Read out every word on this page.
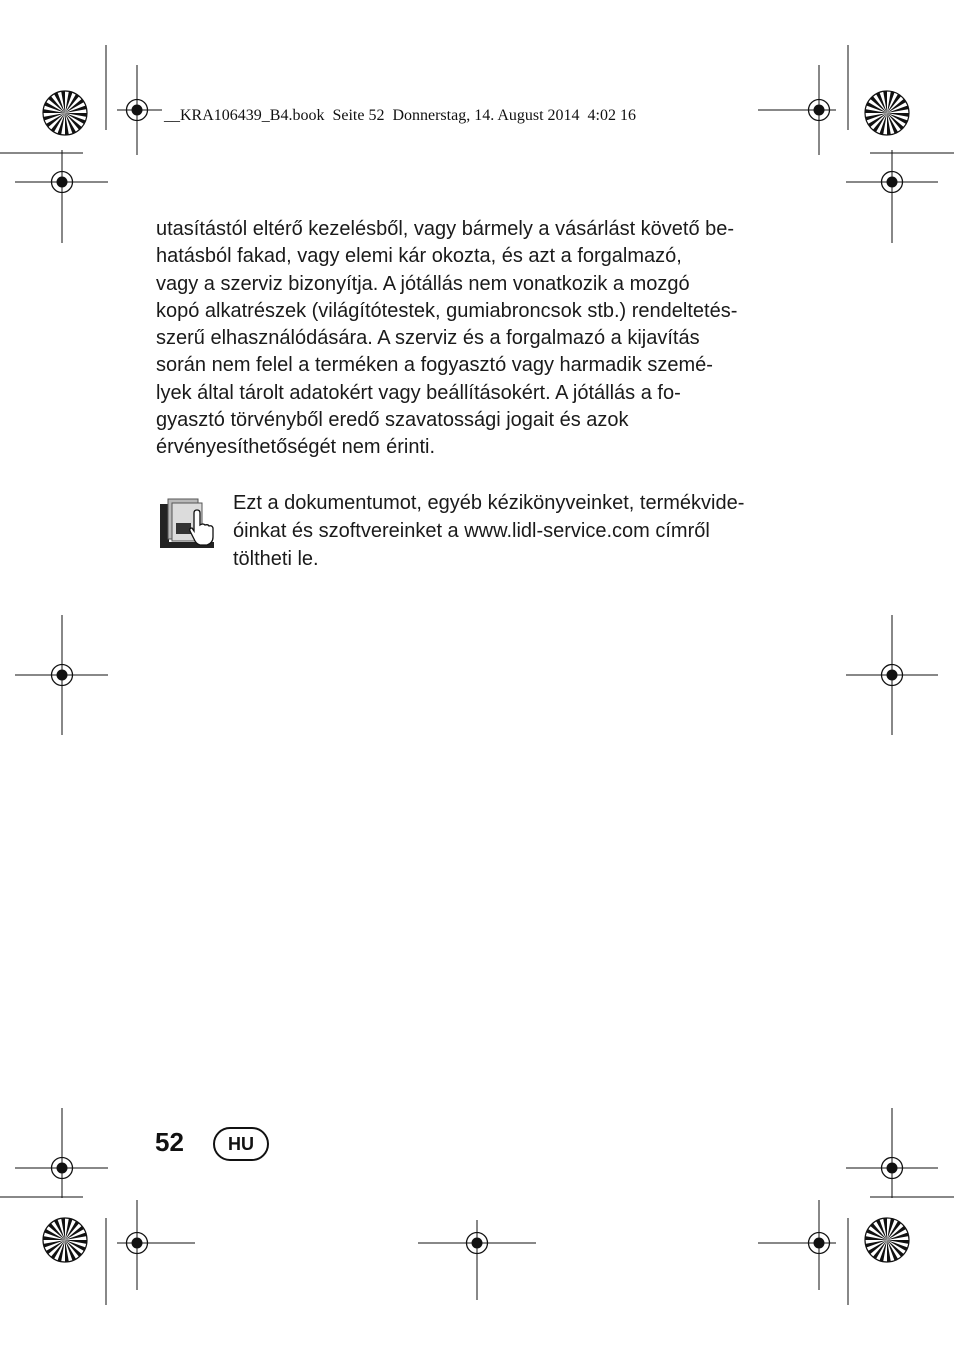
__KRA106439_B4.book  Seite 52  Donnerstag, 14. August 2014  4:02 16
utasítástól eltérő kezelésből, vagy bármely a vásárlást követő be-
hatásból fakad, vagy elemi kár okozta, és azt a forgalmazó,
vagy a szerviz bizonyítja. A jótállás nem vonatkozik a mozgó
kopó alkatrészek (világítótestek, gumiabroncsok stb.) rendeltetés-
szerű elhasználódására. A szerviz és a forgalmazó a kijavítás
során nem felel a terméken a fogyasztó vagy harmadik szemé-
lyek által tárolt adatokért vagy beállításokért. A jótállás a fo-
gyasztó törvényből eredő szavatossági jogait és azok
érvényesíthetőségét nem érinti.
Ezt a dokumentumot, egyéb kézikönyveinket, termékvide-
óinkat és szoftvereinket a www.lidl-service.com címről
töltheti le.
52	HU
